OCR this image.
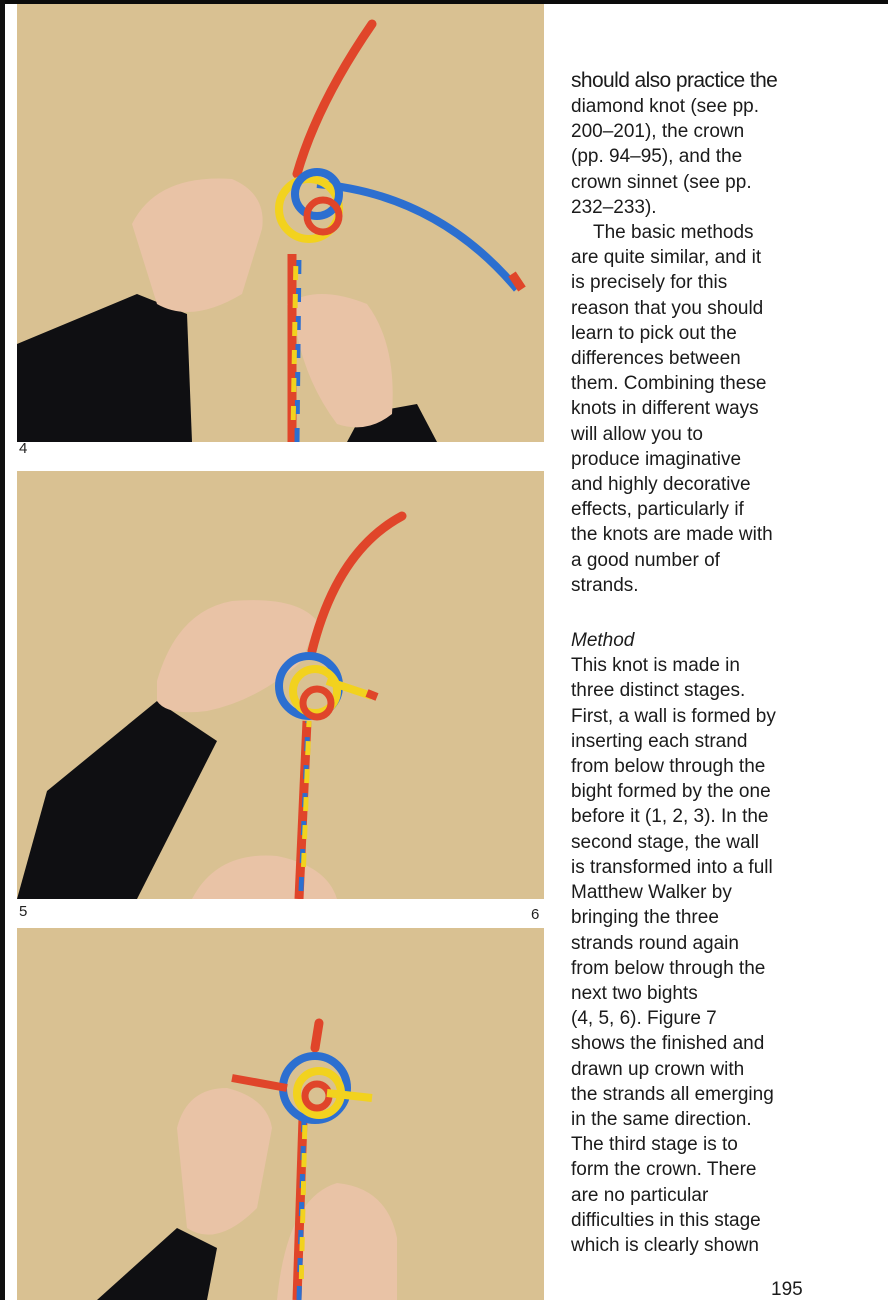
4
5	6

should also practice the
diamond knot (see pp.
200–201), the crown
(pp. 94–95), and the
crown sinnet (see pp.
232–233).

The basic methods
are quite similar, and it
is precisely for this
reason that you should
learn to pick out the
differences between
them. Combining these
knots in different ways
will allow you to
produce imaginative
and highly decorative
effects, particularly if
the knots are made with
a good number of
strands.

Method

This knot is made in
three distinct stages.
First, a wall is formed by
inserting each strand
from below through the
bight formed by the one
before it (1, 2, 3). In the
second stage, the wall
is transformed into a full
Matthew Walker by
bringing the three
strands round again
from below through the
next two bights
(4, 5, 6). Figure 7
shows the finished and
drawn up crown with
the strands all emerging
in the same direction.
The third stage is to
form the crown. There
are no particular
difficulties in this stage
which is clearly shown

195
